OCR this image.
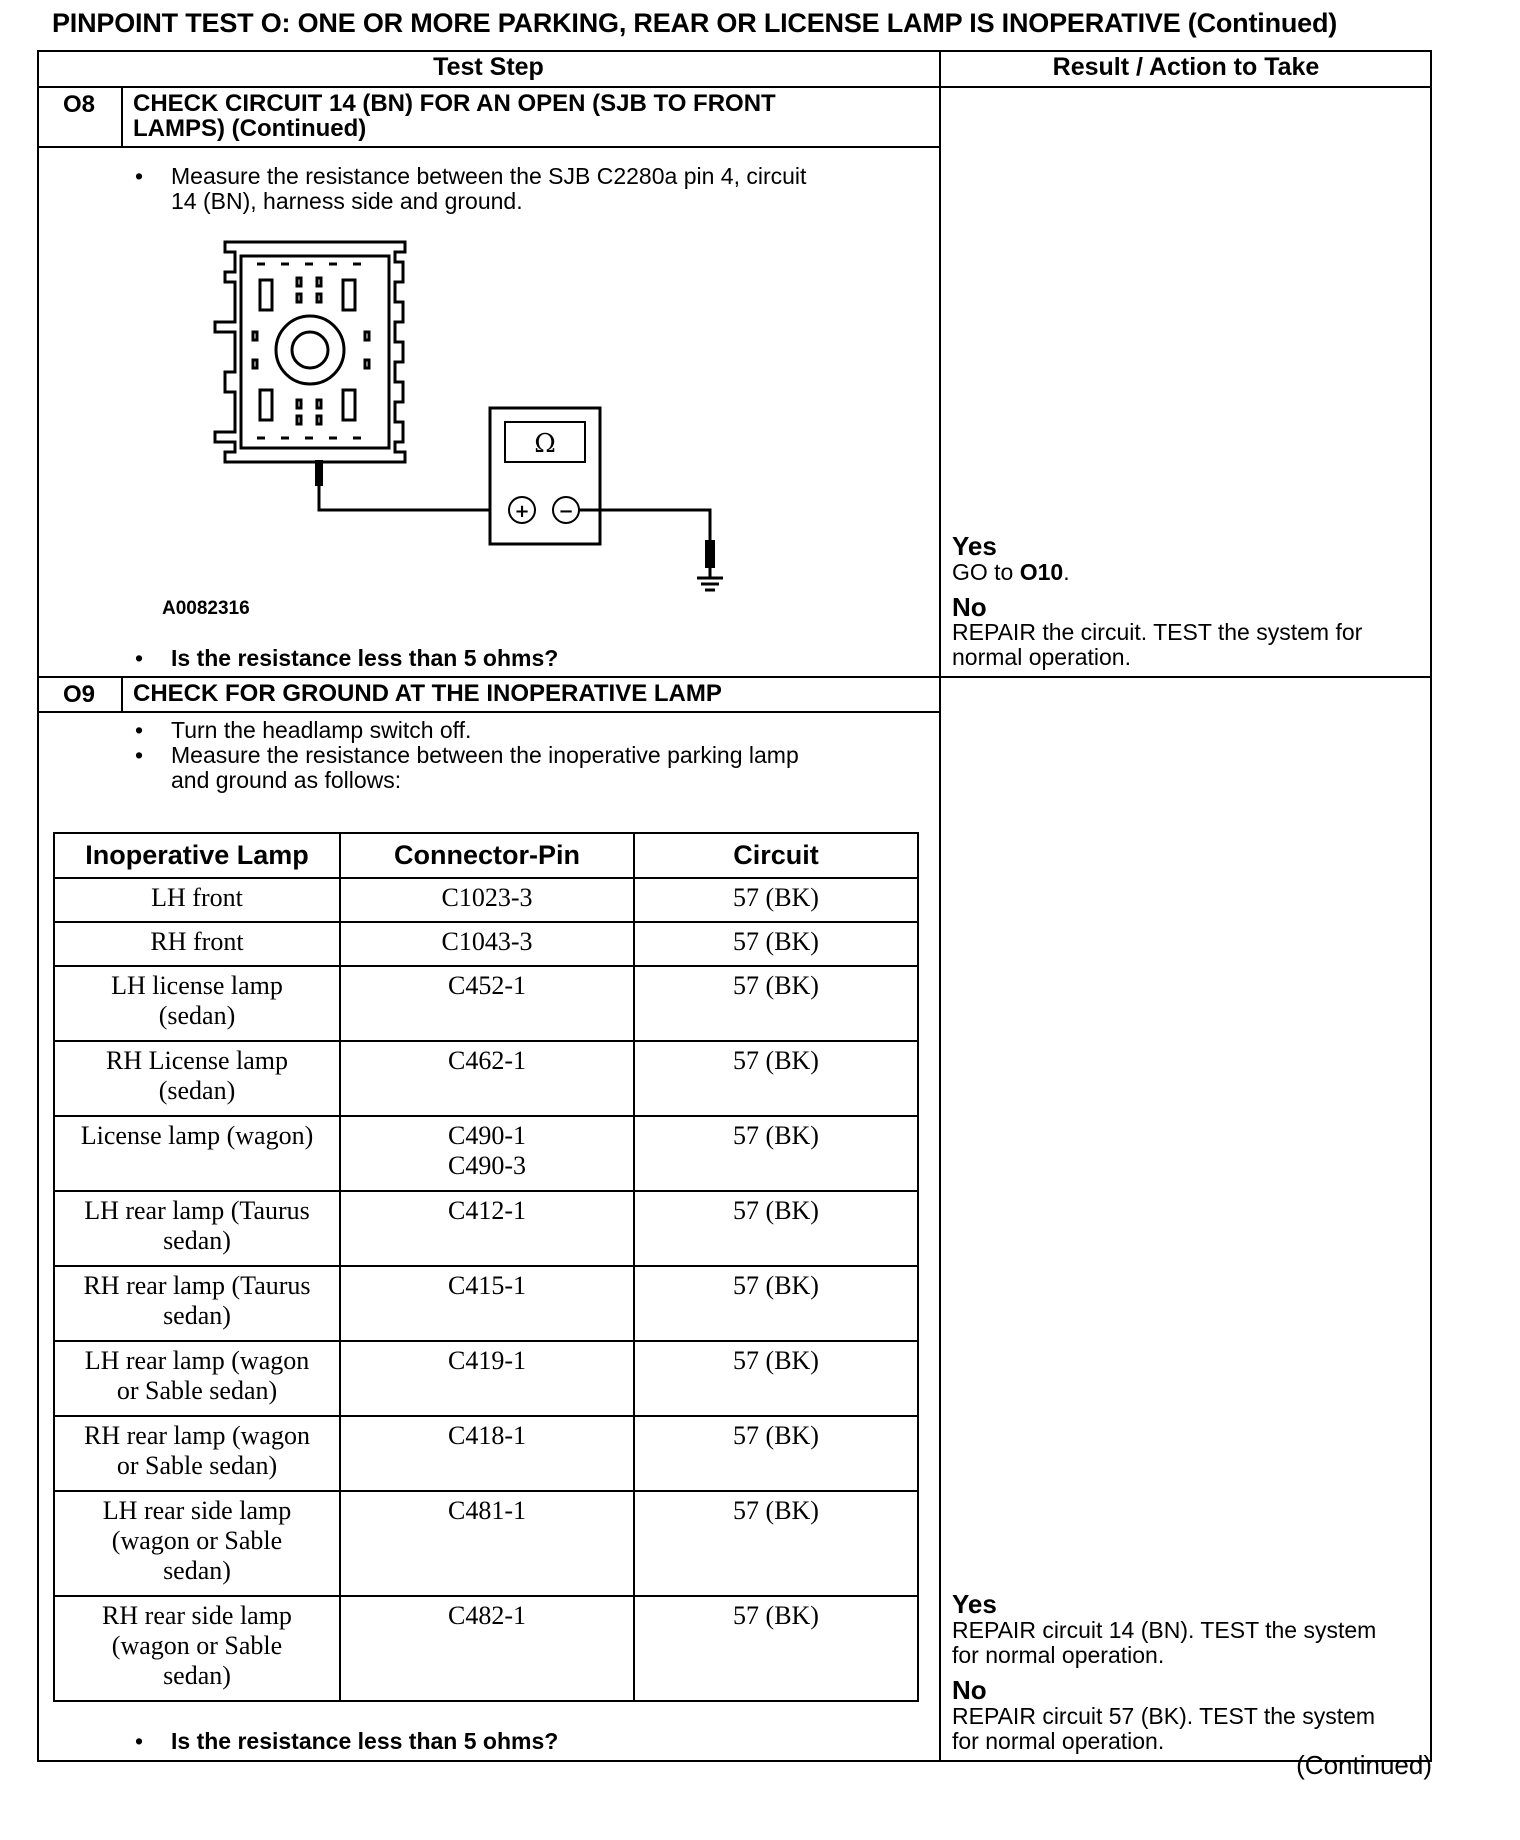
PINPOINT TEST O: ONE OR MORE PARKING, REAR OR LICENSE LAMP IS INOPERATIVE (Continued)
Test Step	Result / Action to Take
O8	CHECK CIRCUIT 14 (BN) FOR AN OPEN (SJB TO FRONT
LAMPS) (Continued)
• Measure the resistance between the SJB C2280a pin 4, circuit
14 (BN), harness side and ground.
Ω
+ −
A0082316
• Is the resistance less than 5 ohms?
Yes
GO to O10.
No
REPAIR the circuit. TEST the system for
normal operation.
O9	CHECK FOR GROUND AT THE INOPERATIVE LAMP
• Turn the headlamp switch off.
• Measure the resistance between the inoperative parking lamp
and ground as follows:
Inoperative Lamp	Connector-Pin	Circuit

LH front	C1023-3	57 (BK)

RH front	C1043-3	57 (BK)

LH license lamp
(sedan)	C452-1	57 (BK)

RH License lamp
(sedan)	C462-1	57 (BK)

License lamp (wagon)	C490-1
C490-3	57 (BK)

LH rear lamp (Taurus
sedan)	C412-1	57 (BK)

RH rear lamp (Taurus
sedan)	C415-1	57 (BK)

LH rear lamp (wagon
or Sable sedan)	C419-1	57 (BK)

RH rear lamp (wagon
or Sable sedan)	C418-1	57 (BK)

LH rear side lamp
(wagon or Sable
sedan)	C481-1	57 (BK)

RH rear side lamp
(wagon or Sable
sedan)	C482-1	57 (BK)
• Is the resistance less than 5 ohms?
Yes
REPAIR circuit 14 (BN). TEST the system
for normal operation.
No
REPAIR circuit 57 (BK). TEST the system
for normal operation.
(Continued)
